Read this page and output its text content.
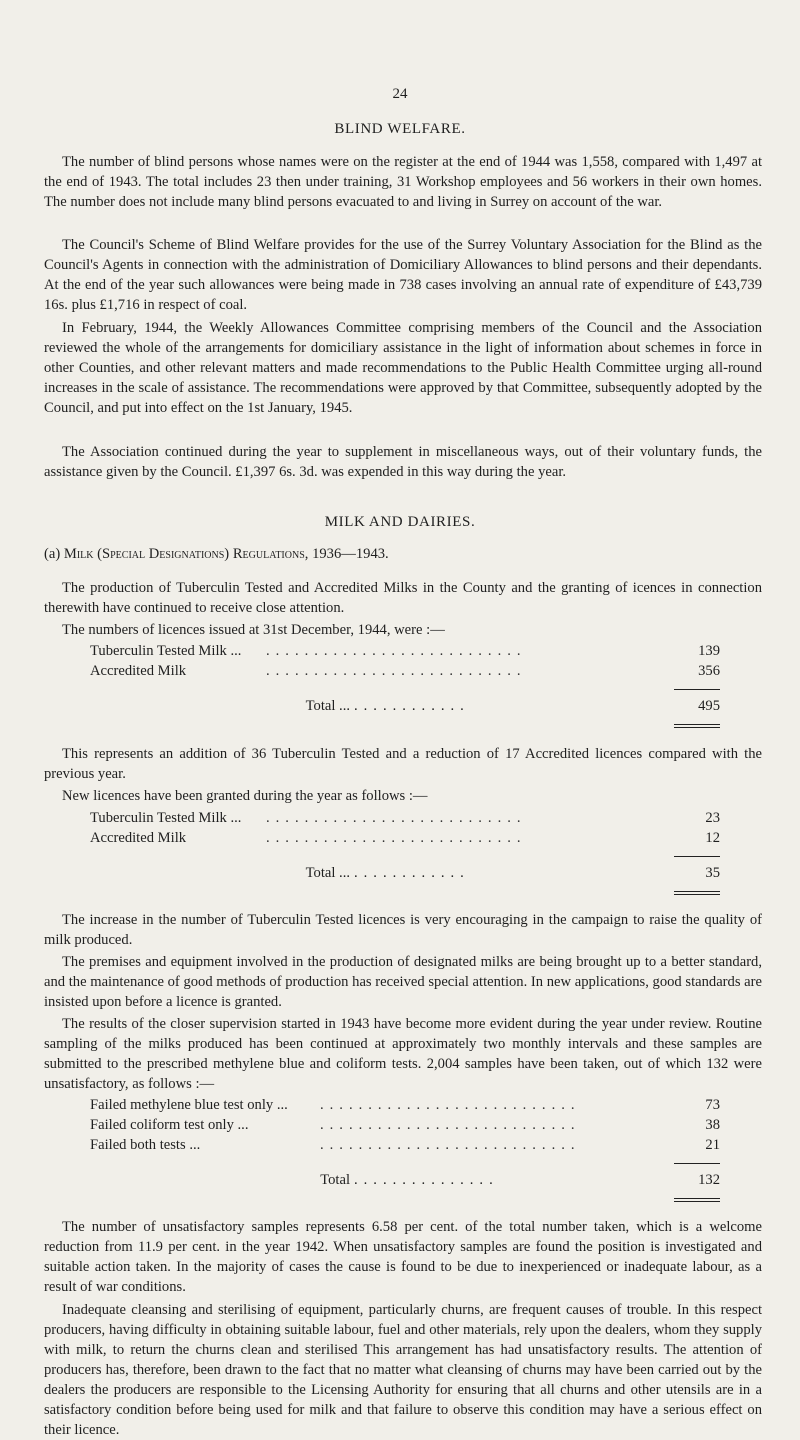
24
BLIND WELFARE.

The number of blind persons whose names were on the register at the end of 1944 was 1,558, compared with 1,497 at the end of 1943. The total includes 23 then under training, 31 Workshop employees and 56 workers in their own homes. The number does not include many blind persons evacuated to and living in Surrey on account of the war.

The Council's Scheme of Blind Welfare provides for the use of the Surrey Voluntary Association for the Blind as the Council's Agents in connection with the administration of Domiciliary Allowances to blind persons and their dependants. At the end of the year such allowances were being made in 738 cases involving an annual rate of expenditure of £43,739 16s. plus £1,716 in respect of coal.

In February, 1944, the Weekly Allowances Committee comprising members of the Council and the Association reviewed the whole of the arrangements for domiciliary assistance in the light of information about schemes in force in other Counties, and other relevant matters and made recommendations to the Public Health Committee urging all-round increases in the scale of assistance. The recommendations were approved by that Committee, subsequently adopted by the Council, and put into effect on the 1st January, 1945.

The Association continued during the year to supplement in miscellaneous ways, out of their voluntary funds, the assistance given by the Council. £1,397 6s. 3d. was expended in this way during the year.

MILK AND DAIRIES.
(a) Milk (Special Designations) Regulations, 1936—1943.

The production of Tuberculin Tested and Accredited Milks in the County and the granting of icences in connection therewith have continued to receive close attention.

The numbers of licences issued at 31st December, 1944, were :—

Tuberculin Tested Milk ...	...........................	139
Accredited Milk	...........................	356
Total ... ............	495

This represents an addition of 36 Tuberculin Tested and a reduction of 17 Accredited licences compared with the previous year.

New licences have been granted during the year as follows :—

Tuberculin Tested Milk ...	...........................	23
Accredited Milk	...........................	12
Total ... ............	35

The increase in the number of Tuberculin Tested licences is very encouraging in the campaign to raise the quality of milk produced.

The premises and equipment involved in the production of designated milks are being brought up to a better standard, and the maintenance of good methods of production has received special attention. In new applications, good standards are insisted upon before a licence is granted.

The results of the closer supervision started in 1943 have become more evident during the year under review. Routine sampling of the milks produced has been continued at approximately two monthly intervals and these samples are submitted to the prescribed methylene blue and coliform tests. 2,004 samples have been taken, out of which 132 were unsatisfactory, as follows :—

Failed methylene blue test only ...	...........................	73
Failed coliform test only ...	...........................	38
Failed both tests ...	...........................	21
Total ...............	132

The number of unsatisfactory samples represents 6.58 per cent. of the total number taken, which is a welcome reduction from 11.9 per cent. in the year 1942. When unsatisfactory samples are found the position is investigated and suitable action taken. In the majority of cases the cause is found to be due to inexperienced or inadequate labour, as a result of war conditions.

Inadequate cleansing and sterilising of equipment, particularly churns, are frequent causes of trouble. In this respect producers, having difficulty in obtaining suitable labour, fuel and other materials, rely upon the dealers, whom they supply with milk, to return the churns clean and sterilised This arrangement has had unsatisfactory results. The attention of producers has, therefore, been drawn to the fact that no matter what cleansing of churns may have been carried out by the dealers the producers are responsible to the Licensing Authority for ensuring that all churns and other utensils are in a satisfactory condition before being used for milk and that failure to observe this condition may have a serious effect on their licence.
